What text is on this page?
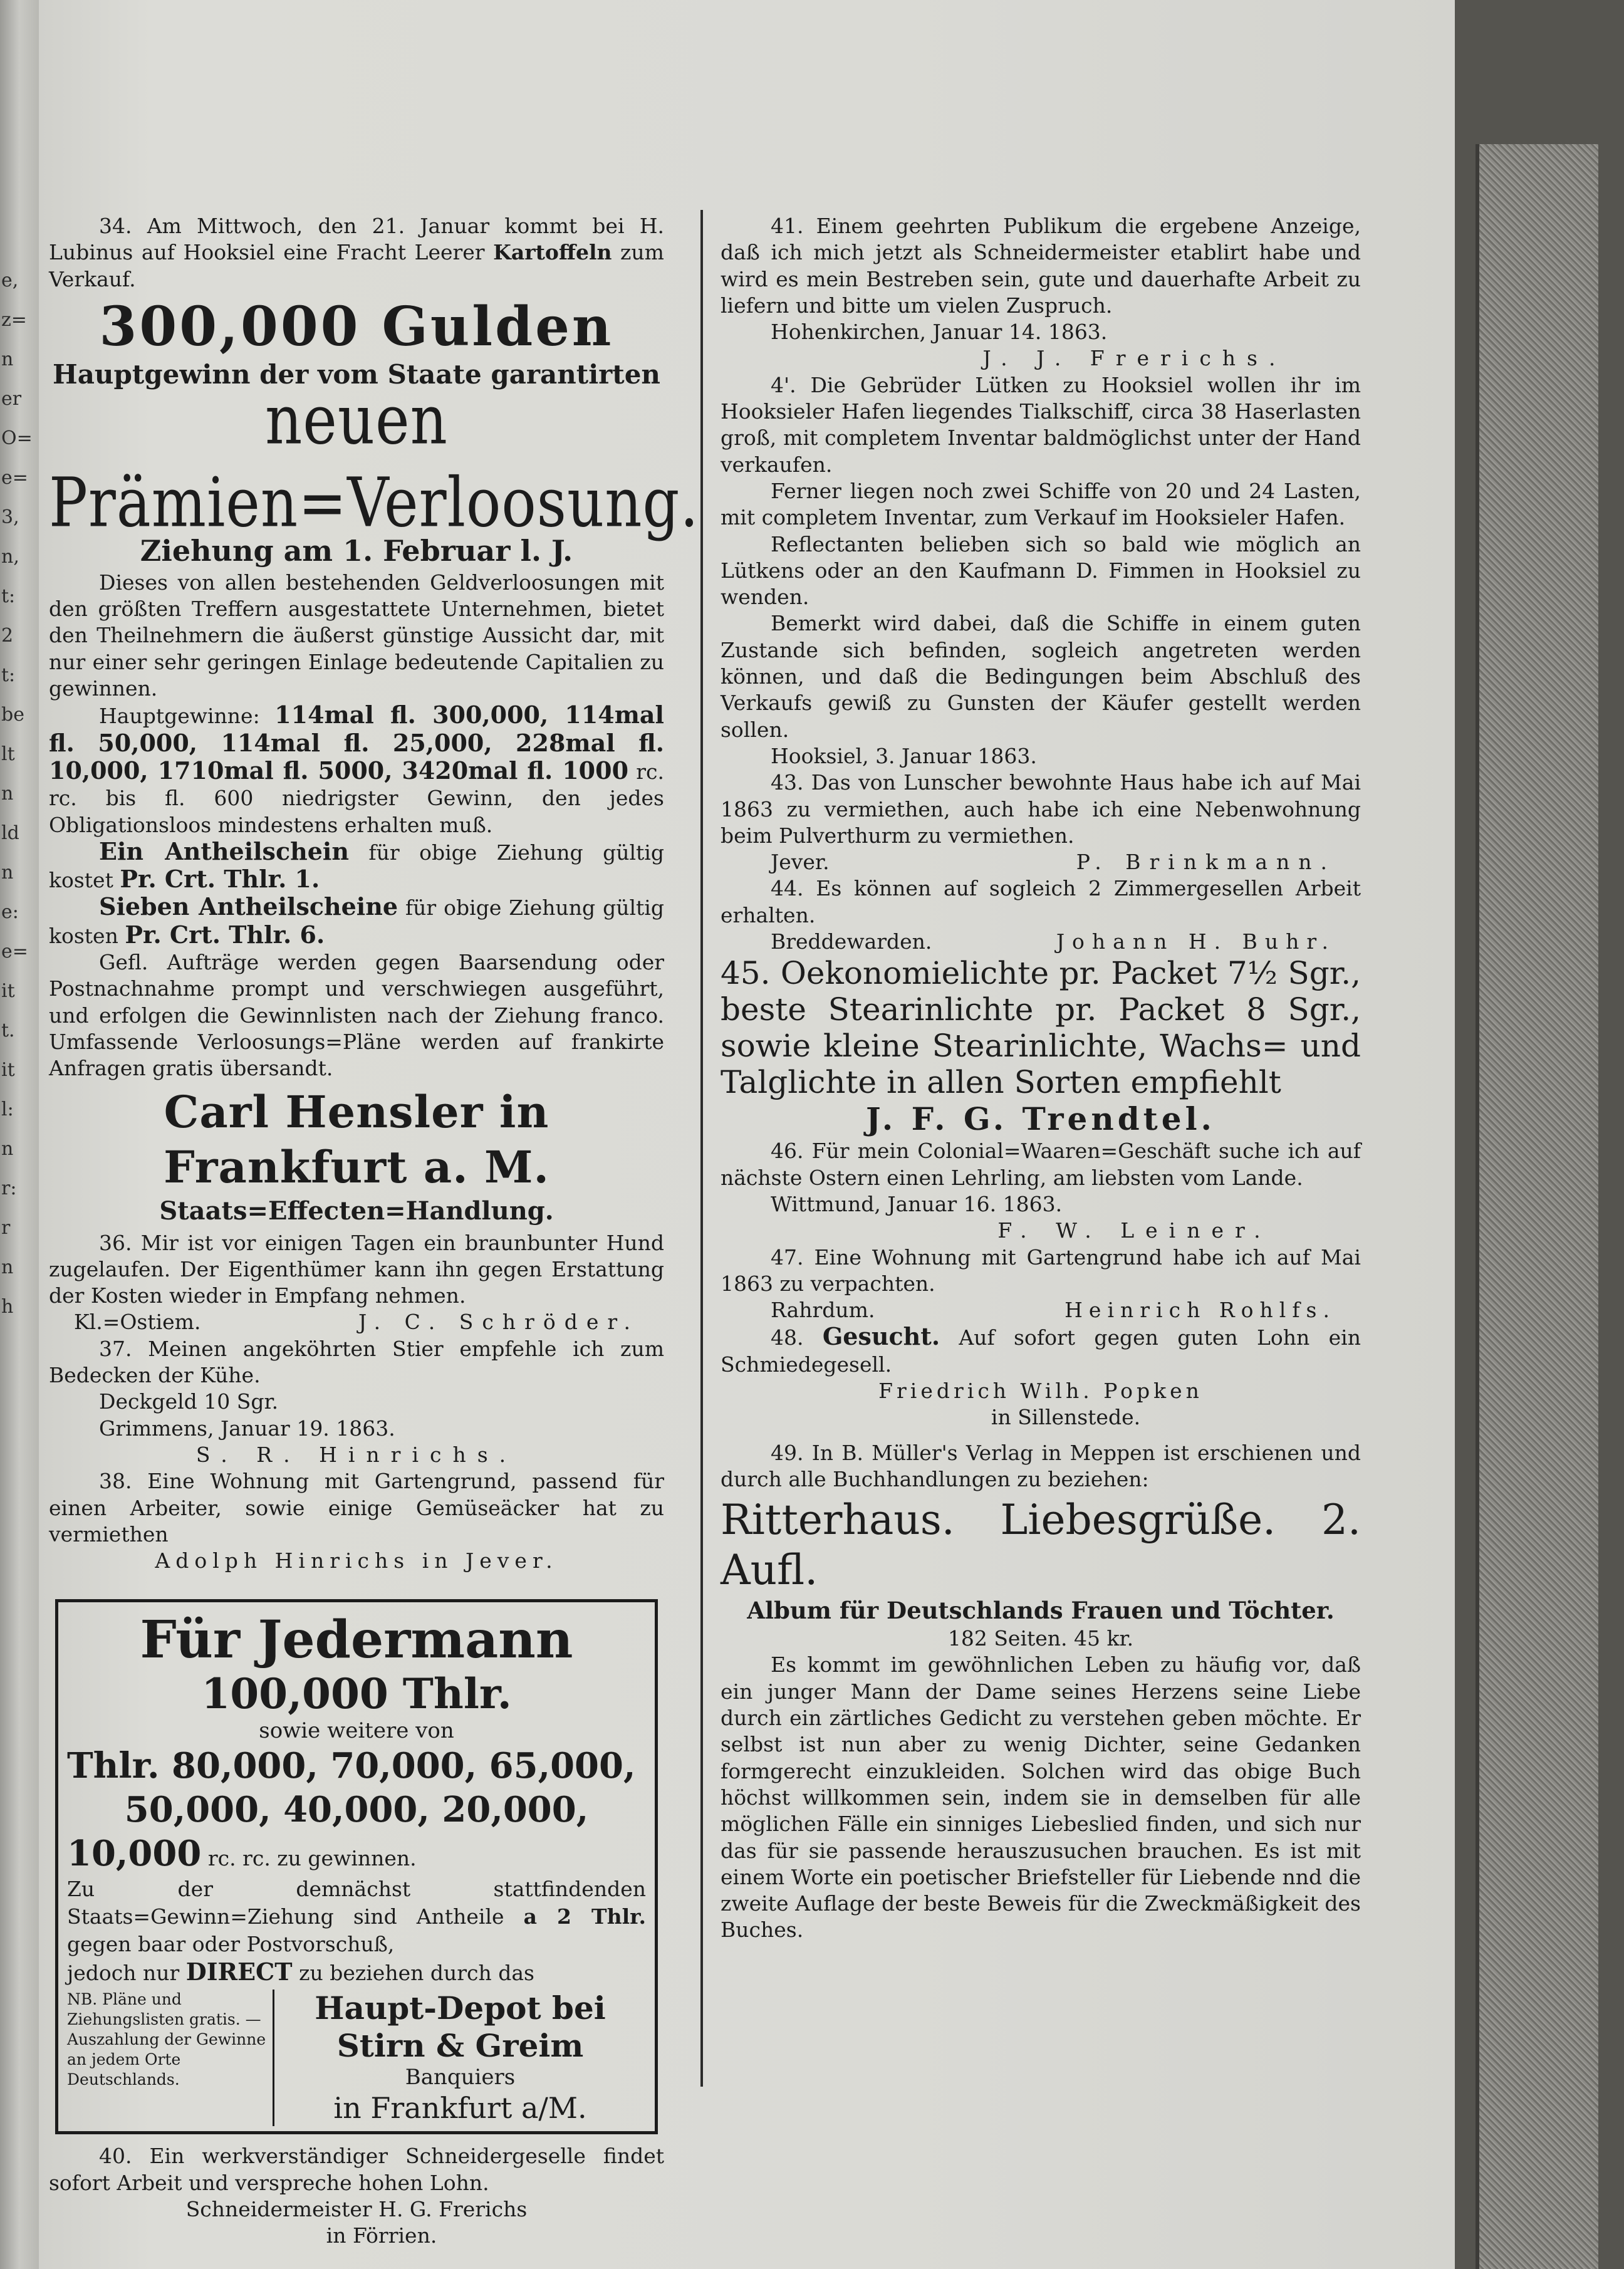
e,
z=
n
er
O=
e=
3,
n,
t:
2
t:
be
lt
n
ld
n
e:
e=
it
t.
it
l:
n
r:
r
n
h

34. Am Mittwoch, den 21. Januar kommt bei H. Lubinus auf Hooksiel eine Fracht Leerer Kartoffeln zum Verkauf.

300,000 Gulden

Hauptgewinn der vom Staate garantirten

neuen Prämien=Verloosung.

Ziehung am 1. Februar l. J.

Dieses von allen bestehenden Geldverloosungen mit den größten Treffern ausgestattete Unternehmen, bietet den Theilnehmern die äußerst günstige Aussicht dar, mit nur einer sehr geringen Einlage bedeutende Capitalien zu gewinnen.

Hauptgewinne: 114mal fl. 300,000, 114mal fl. 50,000, 114mal fl. 25,000, 228mal fl. 10,000, 1710mal fl. 5000, 3420mal fl. 1000 rc. rc. bis fl. 600 niedrigster Gewinn, den jedes Obligationsloos mindestens erhalten muß.

Ein Antheilschein für obige Ziehung gültig kostet Pr. Crt. Thlr. 1.

Sieben Antheilscheine für obige Ziehung gültig kosten Pr. Crt. Thlr. 6.

Gefl. Aufträge werden gegen Baarsendung oder Postnachnahme prompt und verschwiegen ausgeführt, und erfolgen die Gewinnlisten nach der Ziehung franco. Umfassende Verloosungs=Pläne werden auf frankirte Anfragen gratis übersandt.

Carl Hensler in Frankfurt a. M.

Staats=Effecten=Handlung.

36. Mir ist vor einigen Tagen ein braunbunter Hund zugelaufen. Der Eigenthümer kann ihn gegen Erstattung der Kosten wieder in Empfang nehmen.

Kl.=Ostiem.	J. C. Schröder.

37. Meinen angeköhrten Stier empfehle ich zum Bedecken der Kühe.

Deckgeld 10 Sgr.

Grimmens, Januar 19. 1863.

S. R. Hinrichs.

38. Eine Wohnung mit Gartengrund, passend für einen Arbeiter, sowie einige Gemüseäcker hat zu vermiethen

Adolph Hinrichs in Jever.

Für Jedermann

100,000 Thlr.

sowie weitere von

Thlr. 80,000, 70,000, 65,000,

50,000, 40,000, 20,000,

10,000 rc. rc. zu gewinnen.

Zu der demnächst stattfindenden Staats=Gewinn=Ziehung sind Antheile a 2 Thlr. gegen baar oder Postvorschuß,

jedoch nur DIRECT zu beziehen durch das

NB. Pläne und Ziehungslisten gratis. — Auszahlung der Gewinne an jedem Orte Deutschlands.
Haupt-Depot bei
Stirn & Greim
Banquiers
in Frankfurt a/M.

40. Ein werkverständiger Schneidergeselle findet sofort Arbeit und verspreche hohen Lohn.

Schneidermeister H. G. Frerichs

in Förrien.

41. Einem geehrten Publikum die ergebene Anzeige, daß ich mich jetzt als Schneidermeister etablirt habe und wird es mein Bestreben sein, gute und dauerhafte Arbeit zu liefern und bitte um vielen Zuspruch.

Hohenkirchen, Januar 14. 1863.

J. J. Frerichs.

4'. Die Gebrüder Lütken zu Hooksiel wollen ihr im Hooksieler Hafen liegendes Tialkschiff, circa 38 Haserlasten groß, mit completem Inventar baldmöglichst unter der Hand verkaufen.

Ferner liegen noch zwei Schiffe von 20 und 24 Lasten, mit completem Inventar, zum Verkauf im Hooksieler Hafen.

Reflectanten belieben sich so bald wie möglich an Lütkens oder an den Kaufmann D. Fimmen in Hooksiel zu wenden.

Bemerkt wird dabei, daß die Schiffe in einem guten Zustande sich befinden, sogleich angetreten werden können, und daß die Bedingungen beim Abschluß des Verkaufs gewiß zu Gunsten der Käufer gestellt werden sollen.

Hooksiel, 3. Januar 1863.

43. Das von Lunscher bewohnte Haus habe ich auf Mai 1863 zu vermiethen, auch habe ich eine Nebenwohnung beim Pulverthurm zu vermiethen.

Jever.	P. Brinkmann.

44. Es können auf sogleich 2 Zimmergesellen Arbeit erhalten.

Breddewarden.	Johann H. Buhr.

45. Oekonomielichte pr. Packet 7½ Sgr., beste Stearinlichte pr. Packet 8 Sgr., sowie kleine Stearinlichte, Wachs= und Talglichte in allen Sorten empfiehlt

J. F. G. Trendtel.

46. Für mein Colonial=Waaren=Geschäft suche ich auf nächste Ostern einen Lehrling, am liebsten vom Lande.

Wittmund, Januar 16. 1863.

F. W. Leiner.

47. Eine Wohnung mit Gartengrund habe ich auf Mai 1863 zu verpachten.

Rahrdum.	Heinrich Rohlfs.

48. Gesucht. Auf sofort gegen guten Lohn ein Schmiedegesell.

Friedrich Wilh. Popken

in Sillenstede.

49. In B. Müller's Verlag in Meppen ist erschienen und durch alle Buchhandlungen zu beziehen:

Ritterhaus. Liebesgrüße. 2. Aufl.

Album für Deutschlands Frauen und Töchter.

182 Seiten. 45 kr.

Es kommt im gewöhnlichen Leben zu häufig vor, daß ein junger Mann der Dame seines Herzens seine Liebe durch ein zärtliches Gedicht zu verstehen geben möchte. Er selbst ist nun aber zu wenig Dichter, seine Gedanken formgerecht einzukleiden. Solchen wird das obige Buch höchst willkommen sein, indem sie in demselben für alle möglichen Fälle ein sinniges Liebeslied finden, und sich nur das für sie passende herauszusuchen brauchen. Es ist mit einem Worte ein poetischer Briefsteller für Liebende nnd die zweite Auflage der beste Beweis für die Zweckmäßigkeit des Buches.
